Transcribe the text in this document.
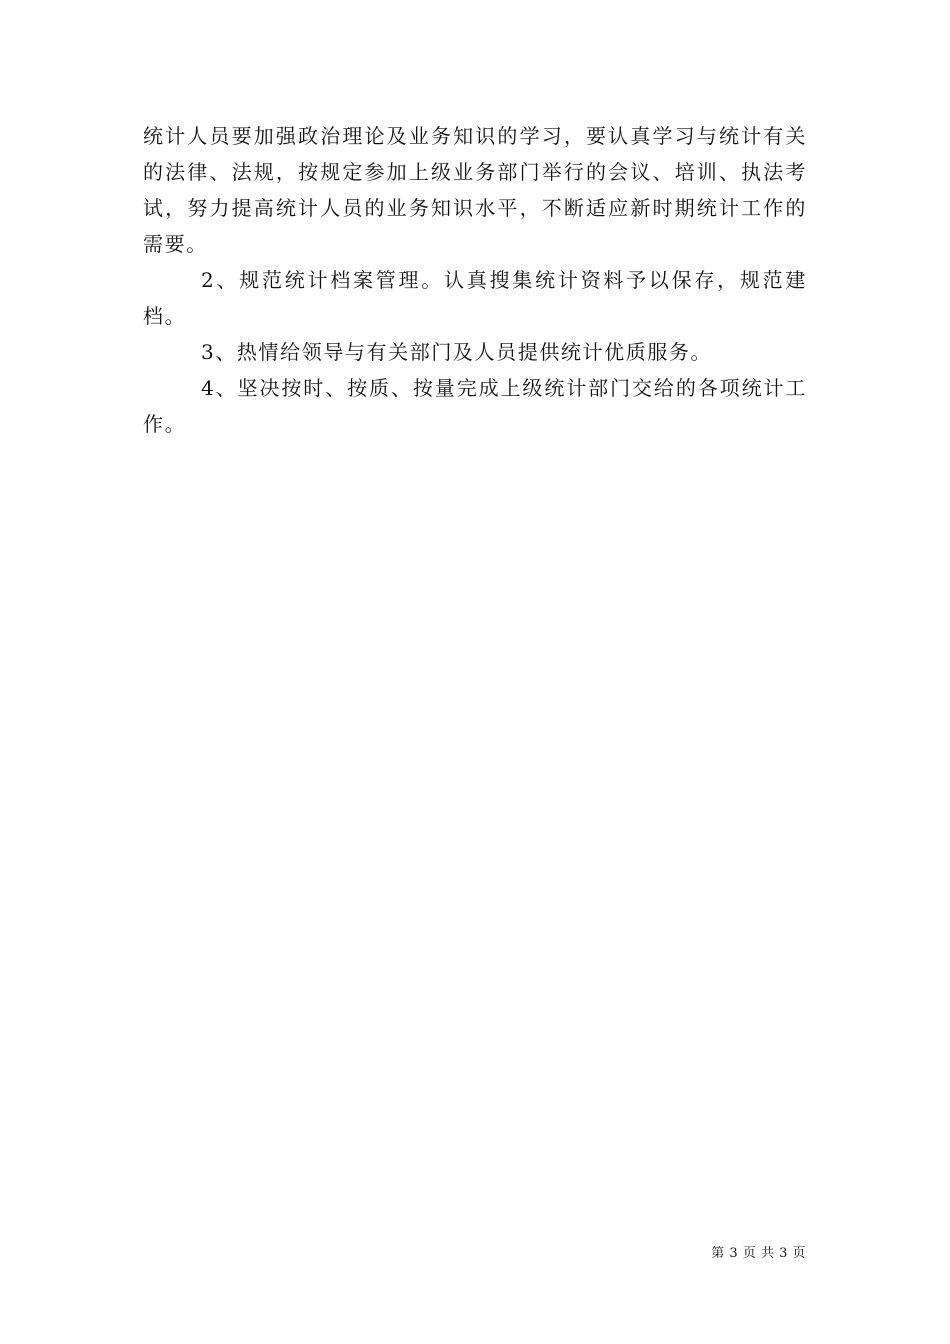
统计人员要加强政治理论及业务知识的学习，要认真学习与统计有关的法律、法规，按规定参加上级业务部门举行的会议、培训、执法考试，努力提高统计人员的业务知识水平，不断适应新时期统计工作的需要。

2、规范统计档案管理。认真搜集统计资料予以保存，规范建档。

3、热情给领导与有关部门及人员提供统计优质服务。

4、坚决按时、按质、按量完成上级统计部门交给的各项统计工作。

第 3 页 共 3 页
